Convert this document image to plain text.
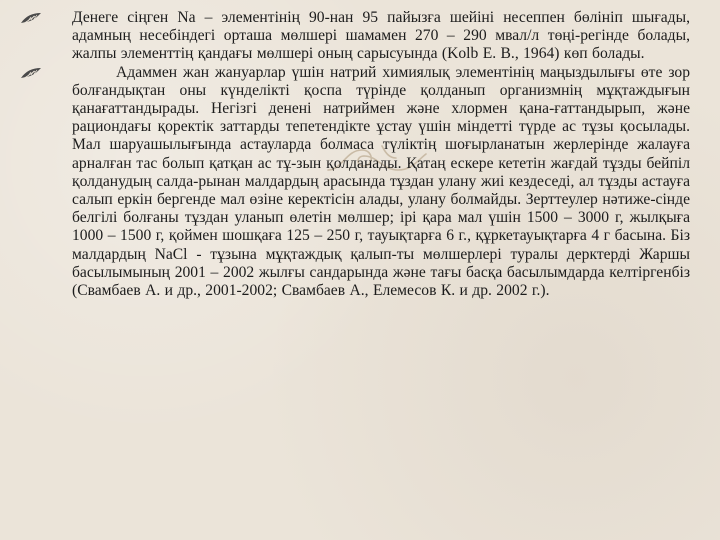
Денеге сіңген Na – элементінің 90-нан 95 пайызға шейіні несеппен бөлініп шығады, адамның несебіндегі орташа мөлшері шамамен 270 – 290 мвал/л төңі-регінде болады, жалпы элементтің қандағы мөлшері оның сарысуында (Kolb Е. В., 1964) көп болады.

Адаммен жан жануарлар үшін натрий химиялық элементінің маңыздылығы өте зор болғандықтан оны күнделікті қоспа түрінде қолданып организмнің мұқтаждығын қанағаттандырады. Негізгі денені натриймен және хлормен қана-ғаттандырып, және рациондағы қоректік заттарды тепетендікте ұстау үшін міндетті түрде ас тұзы қосылады. Мал шаруашылығында астауларда болмаса түліктің шоғырланатын жерлерінде жалауға арналған тас болып қатқан ас тұ-зын қолданады. Қатаң ескере кететін жағдай тұзды бейпіл қолданудың салда-рынан малдардың арасында тұздан улану жиі кездеседі, ал тұзды астауға салып еркін бергенде мал өзіне керектісін алады, улану болмайды. Зерттеулер нәтиже-сінде белгілі болғаны тұздан уланып өлетін мөлшер; ірі қара мал үшін 1500 – 3000 г, жылқыға 1000 – 1500 г, қоймен шошқаға 125 – 250 г, тауықтарға 6 г., құркетауықтарға 4 г басына. Біз малдардың NaCl - тұзына мұқтаждық қалып-ты мөлшерлері туралы дерктерді Жаршы басылымының 2001 – 2002 жылғы сандарында және тағы басқа басылымдарда келтіргенбіз (Свамбаев А. и др., 2001-2002; Свамбаев А., Елемесов К. и др. 2002 г.).
